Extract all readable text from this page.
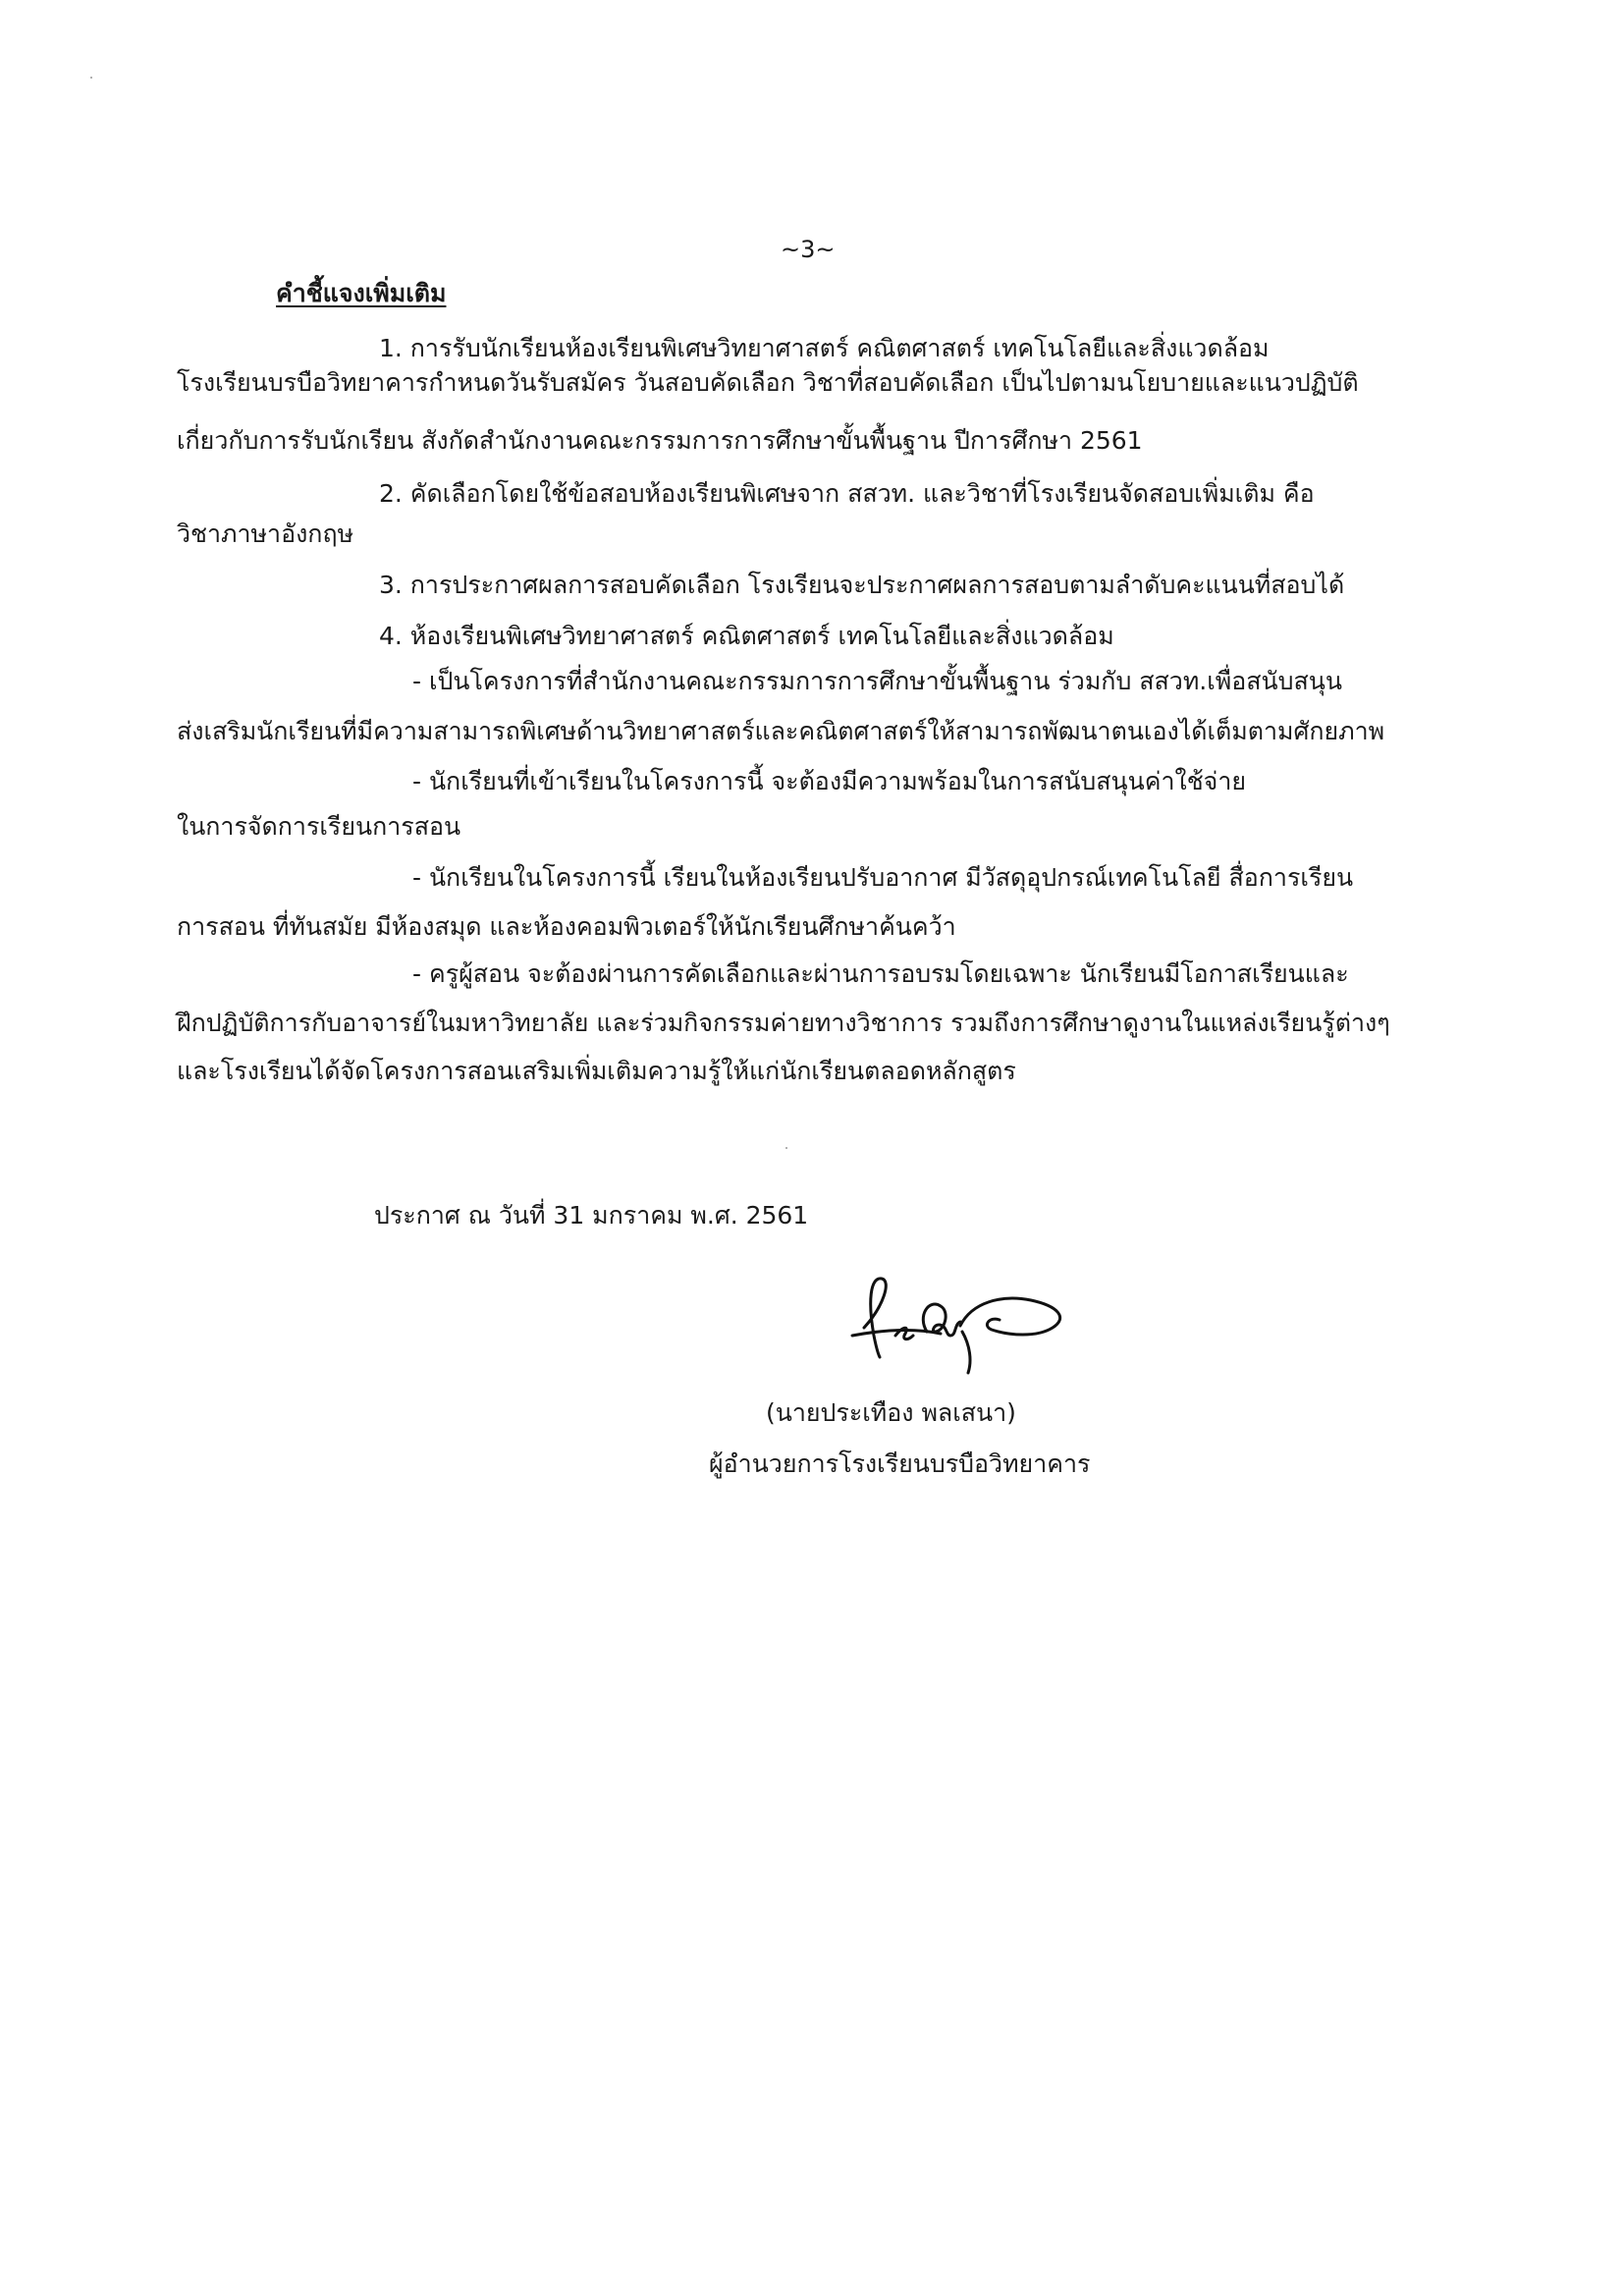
~3~
คำชี้แจงเพิ่มเติม
1. การรับนักเรียนห้องเรียนพิเศษวิทยาศาสตร์ คณิตศาสตร์ เทคโนโลยีและสิ่งแวดล้อม
โรงเรียนบรบือวิทยาคารกำหนดวันรับสมัคร วันสอบคัดเลือก วิชาที่สอบคัดเลือก เป็นไปตามนโยบายและแนวปฏิบัติ
เกี่ยวกับการรับนักเรียน สังกัดสำนักงานคณะกรรมการการศึกษาขั้นพื้นฐาน ปีการศึกษา 2561
2. คัดเลือกโดยใช้ข้อสอบห้องเรียนพิเศษจาก สสวท. และวิชาที่โรงเรียนจัดสอบเพิ่มเติม คือ
วิชาภาษาอังกฤษ
3. การประกาศผลการสอบคัดเลือก โรงเรียนจะประกาศผลการสอบตามลำดับคะแนนที่สอบได้
4. ห้องเรียนพิเศษวิทยาศาสตร์ คณิตศาสตร์ เทคโนโลยีและสิ่งแวดล้อม
- เป็นโครงการที่สำนักงานคณะกรรมการการศึกษาขั้นพื้นฐาน ร่วมกับ สสวท.เพื่อสนับสนุน
ส่งเสริมนักเรียนที่มีความสามารถพิเศษด้านวิทยาศาสตร์และคณิตศาสตร์ให้สามารถพัฒนาตนเองได้เต็มตามศักยภาพ
- นักเรียนที่เข้าเรียนในโครงการนี้ จะต้องมีความพร้อมในการสนับสนุนค่าใช้จ่าย
ในการจัดการเรียนการสอน
- นักเรียนในโครงการนี้ เรียนในห้องเรียนปรับอากาศ มีวัสดุอุปกรณ์เทคโนโลยี สื่อการเรียน
การสอน ที่ทันสมัย มีห้องสมุด และห้องคอมพิวเตอร์ให้นักเรียนศึกษาค้นคว้า
- ครูผู้สอน จะต้องผ่านการคัดเลือกและผ่านการอบรมโดยเฉพาะ นักเรียนมีโอกาสเรียนและ
ฝึกปฏิบัติการกับอาจารย์ในมหาวิทยาลัย และร่วมกิจกรรมค่ายทางวิชาการ รวมถึงการศึกษาดูงานในแหล่งเรียนรู้ต่างๆ
และโรงเรียนได้จัดโครงการสอนเสริมเพิ่มเติมความรู้ให้แก่นักเรียนตลอดหลักสูตร
ประกาศ ณ วันที่ 31 มกราคม พ.ศ. 2561
(นายประเทือง พลเสนา)
ผู้อำนวยการโรงเรียนบรบือวิทยาคาร
